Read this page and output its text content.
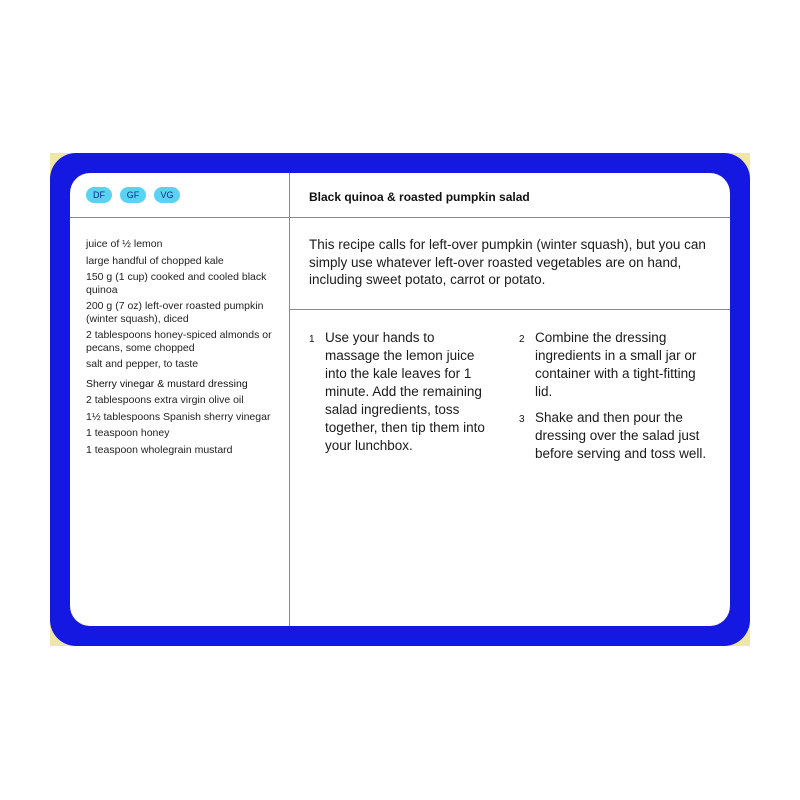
DF	GF	VG
juice of ½ lemon
large handful of chopped kale
150 g (1 cup) cooked and cooled black quinoa
200 g (7 oz) left-over roasted pumpkin (winter squash), diced
2 tablespoons honey-spiced almonds or pecans, some chopped
salt and pepper, to taste
Sherry vinegar & mustard dressing
2 tablespoons extra virgin olive oil
1½ tablespoons Spanish sherry vinegar
1 teaspoon honey
1 teaspoon wholegrain mustard
Black quinoa & roasted pumpkin salad
This recipe calls for left-over pumpkin (winter squash), but you can simply use whatever left-over roasted vegetables are on hand, including sweet potato, carrot or potato.
1 Use your hands to massage the lemon juice into the kale leaves for 1 minute. Add the remaining salad ingredients, toss together, then tip them into your lunchbox.
2 Combine the dressing ingredients in a small jar or container with a tight-fitting lid.
3 Shake and then pour the dressing over the salad just before serving and toss well.
